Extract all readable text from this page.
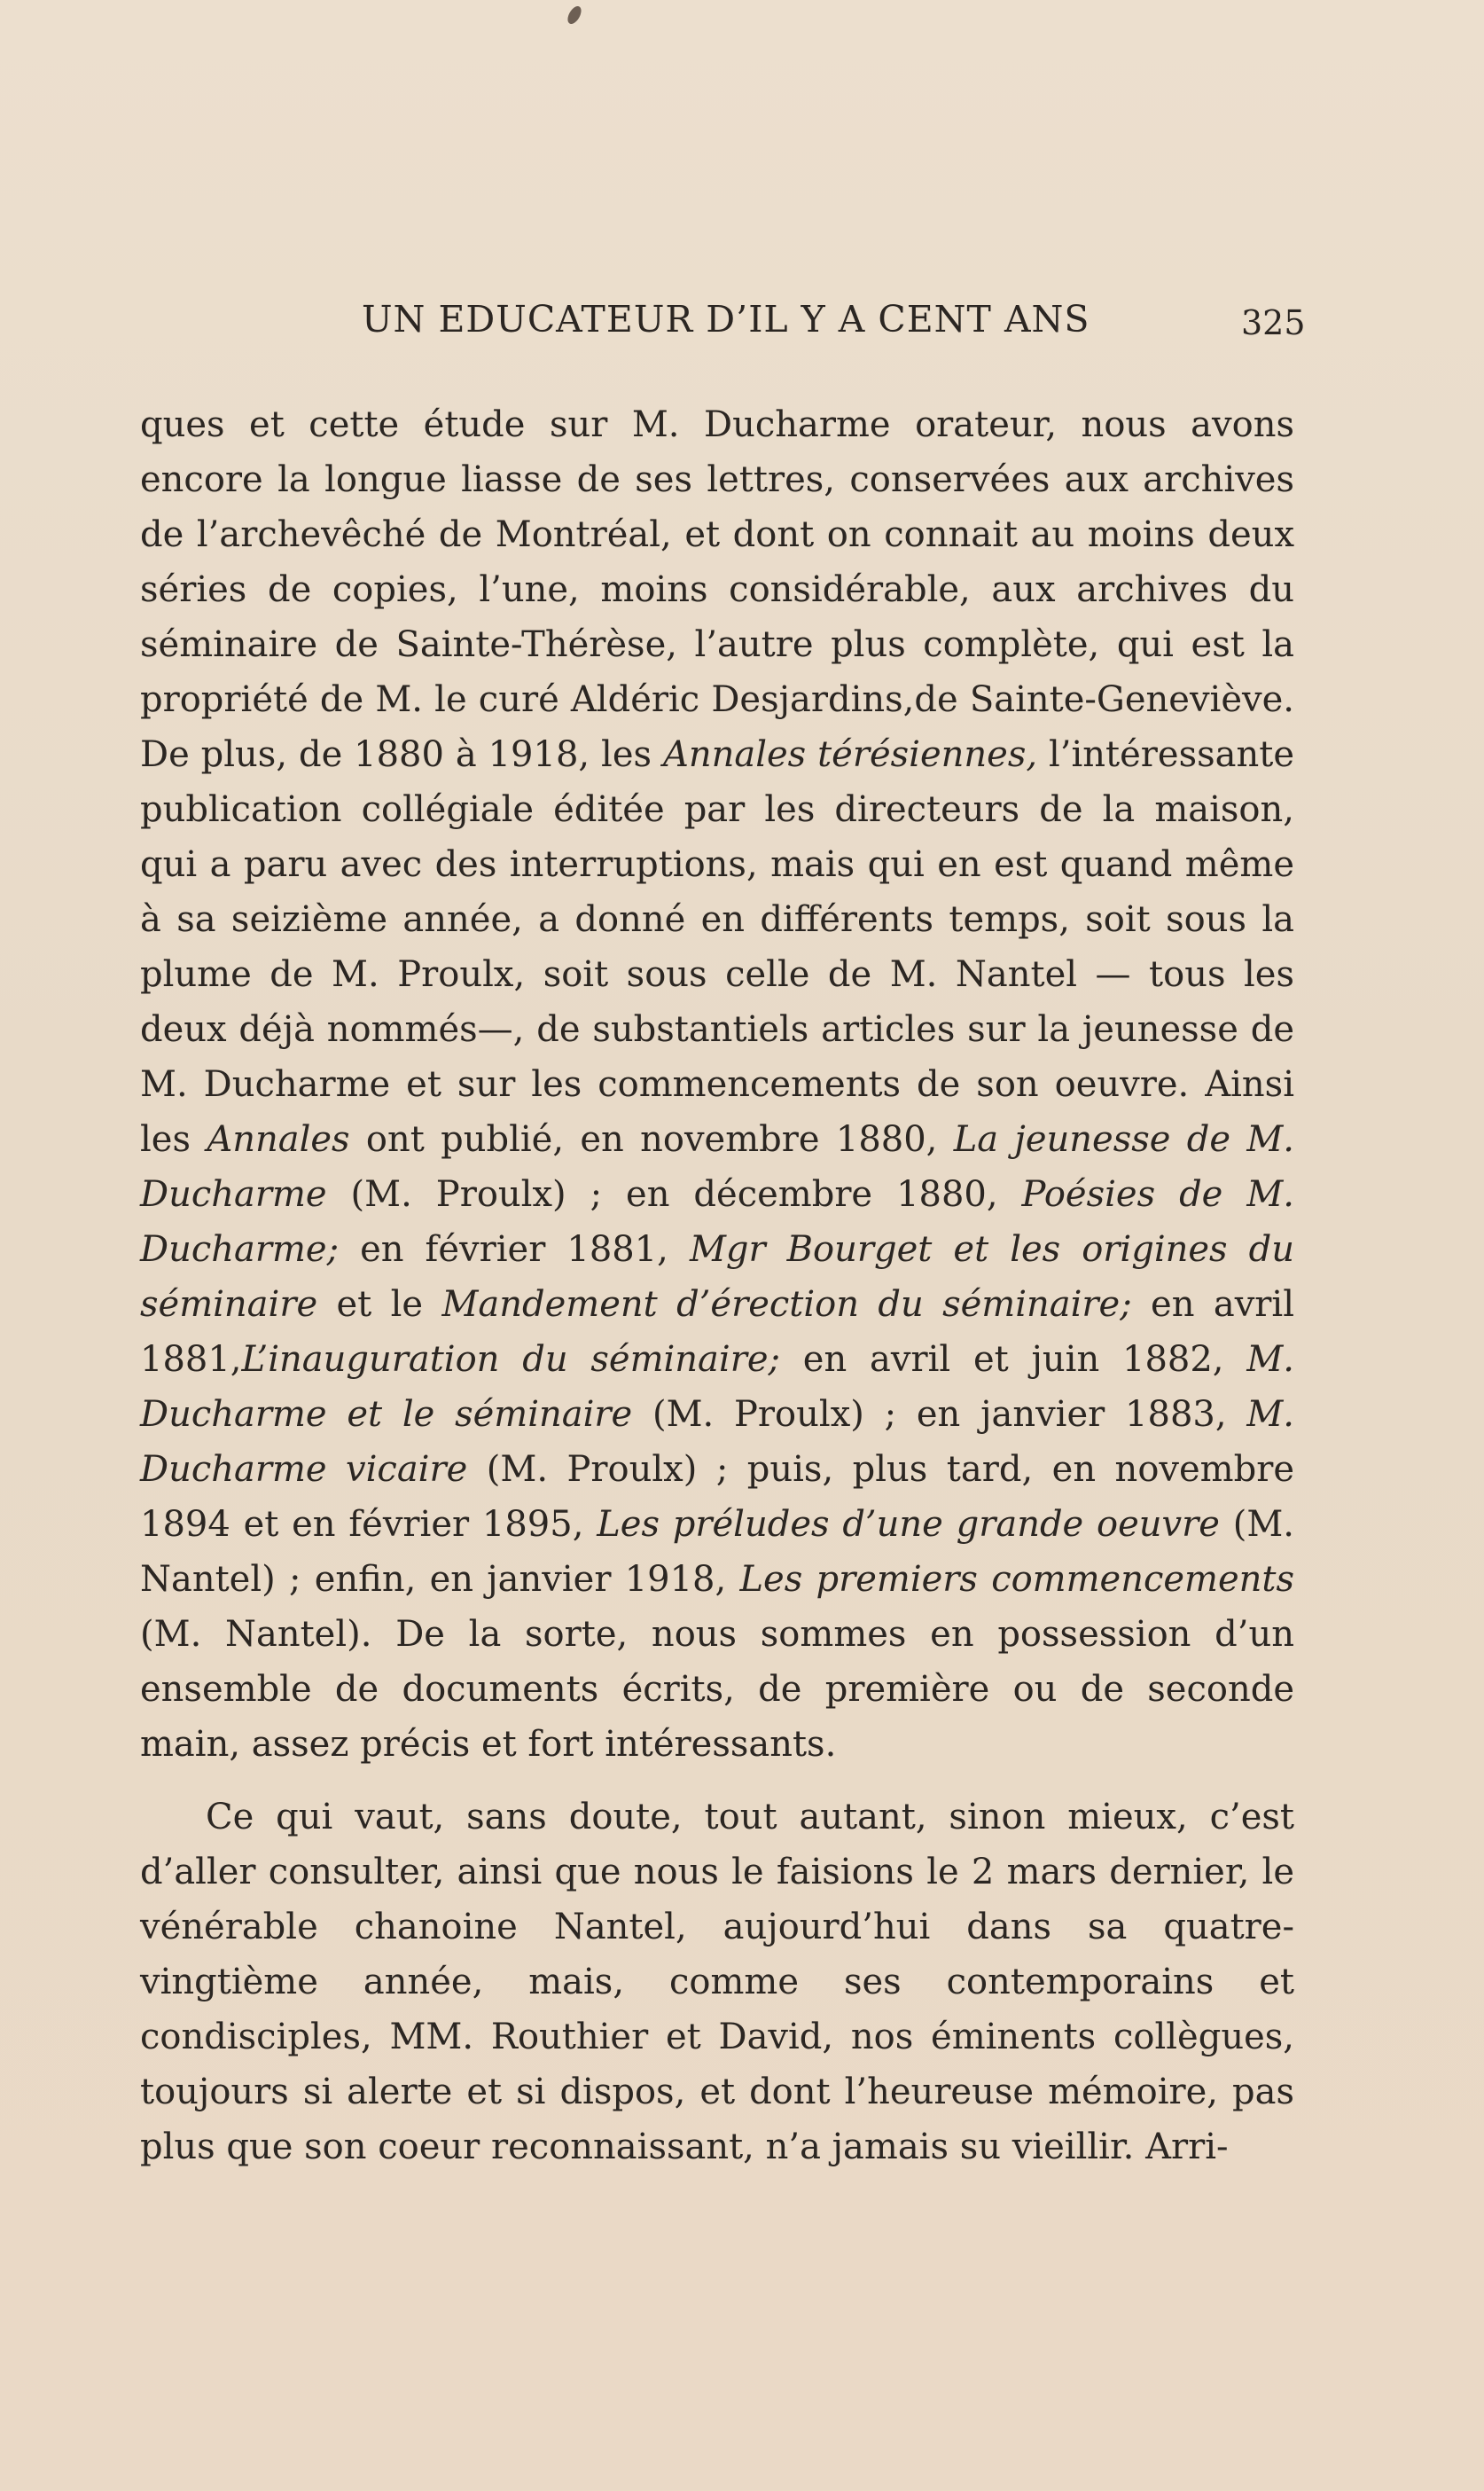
UN EDUCATEUR D’IL Y A CENT ANS	325

ques et cette étude sur M. Ducharme orateur, nous avons encore la longue liasse de ses lettres, conservées aux archives de l’archevêché de Montréal, et dont on connait au moins deux séries de copies, l’une, moins considérable, aux archives du séminaire de Sainte-Thérèse, l’autre plus complète, qui est la propriété de M. le curé Aldéric Desjardins,de Sainte-Geneviève. De plus, de 1880 à 1918, les Annales térésiennes, l’intéressante publication collégiale éditée par les directeurs de la maison, qui a paru avec des interruptions, mais qui en est quand même à sa seizième année, a donné en différents temps, soit sous la plume de M. Proulx, soit sous celle de M. Nantel — tous les deux déjà nommés—, de substantiels articles sur la jeunesse de M. Ducharme et sur les commencements de son oeuvre. Ainsi les Annales ont publié, en novembre 1880, La jeunesse de M. Ducharme (M. Proulx) ; en décembre 1880, Poésies de M. Ducharme; en février 1881, Mgr Bourget et les origines du séminaire et le Mandement d’érection du séminaire; en avril 1881,L’inauguration du séminaire; en avril et juin 1882, M. Ducharme et le séminaire (M. Proulx) ; en janvier 1883, M. Ducharme vicaire (M. Proulx) ; puis, plus tard, en novembre 1894 et en février 1895, Les préludes d’une grande oeuvre (M. Nantel) ; enfin, en janvier 1918, Les premiers commencements (M. Nantel). De la sorte, nous sommes en possession d’un ensemble de documents écrits, de première ou de seconde main, assez précis et fort intéressants.

Ce qui vaut, sans doute, tout autant, sinon mieux, c’est d’aller consulter, ainsi que nous le faisions le 2 mars dernier, le vénérable chanoine Nantel, aujourd’hui dans sa quatre-vingtième année, mais, comme ses contemporains et condisciples, MM. Routhier et David, nos éminents collègues, toujours si alerte et si dispos, et dont l’heureuse mémoire, pas plus que son coeur reconnaissant, n’a jamais su vieillir. Arri-
